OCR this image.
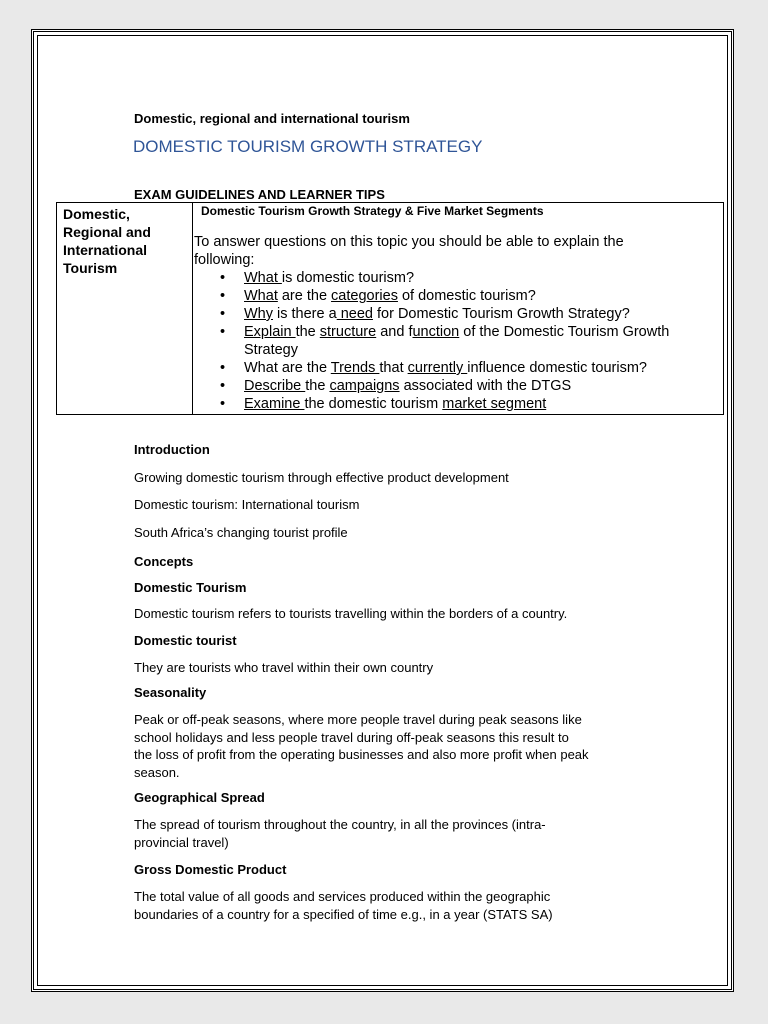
Domestic, regional and international tourism
DOMESTIC TOURISM GROWTH STRATEGY
EXAM GUIDELINES AND LEARNER TIPS
Domestic,
Regional and
International
Tourism
Domestic Tourism Growth Strategy & Five Market Segments
To answer questions on this topic you should be able to explain the
following:
• What is domestic tourism?
• What are the categories of domestic tourism?
• Why is there a need for Domestic Tourism Growth Strategy?
• Explain the structure and function of the Domestic Tourism Growth Strategy
• What are the Trends that currently influence domestic tourism?
• Describe the campaigns associated with the DTGS
• Examine the domestic tourism market segment
Introduction
Growing domestic tourism through effective product development
Domestic tourism: International tourism
South Africa’s changing tourist profile
Concepts
Domestic Tourism
Domestic tourism refers to tourists travelling within the borders of a country.
Domestic tourist
They are tourists who travel within their own country
Seasonality
Peak or off-peak seasons, where more people travel during peak seasons like
school holidays and less people travel during off-peak seasons this result to
the loss of profit from the operating businesses and also more profit when peak
season.
Geographical Spread
The spread of tourism throughout the country, in all the provinces (intra-
provincial travel)
Gross Domestic Product
The total value of all goods and services produced within the geographic
boundaries of a country for a specified of time e.g., in a year (STATS SA)
